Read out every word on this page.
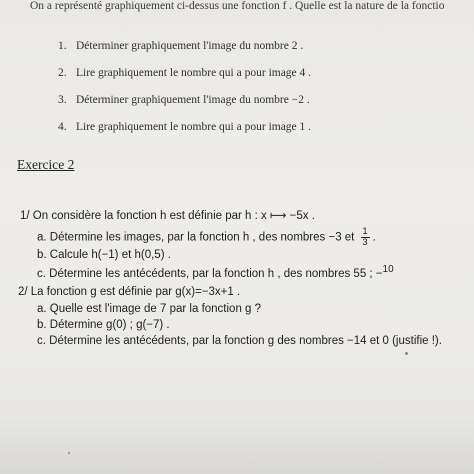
On a représenté graphiquement ci-dessus une fonction f . Quelle est la nature de la fonctio
1. Déterminer graphiquement l'image du nombre 2 .
2. Lire graphiquement le nombre qui a pour image 4 .
3. Déterminer graphiquement l'image du nombre −2 .
4. Lire graphiquement le nombre qui a pour image 1 .
Exercice 2
1/ On considère la fonction h est définie par h : x ⟼ −5x .
a. Détermine les images, par la fonction h , des nombres −3 et $\frac{1}{3}$ .
b. Calcule h(−1) et h(0,5) .
c. Détermine les antécédents, par la fonction h , des nombres 55 ; −10
2/ La fonction g est définie par g(x)=−3x+1 .
a. Quelle est l'image de 7 par la fonction g ?
b. Détermine g(0) ; g(−7) .
c. Détermine les antécédents, par la fonction g des nombres −14 et 0 (justifie !).
